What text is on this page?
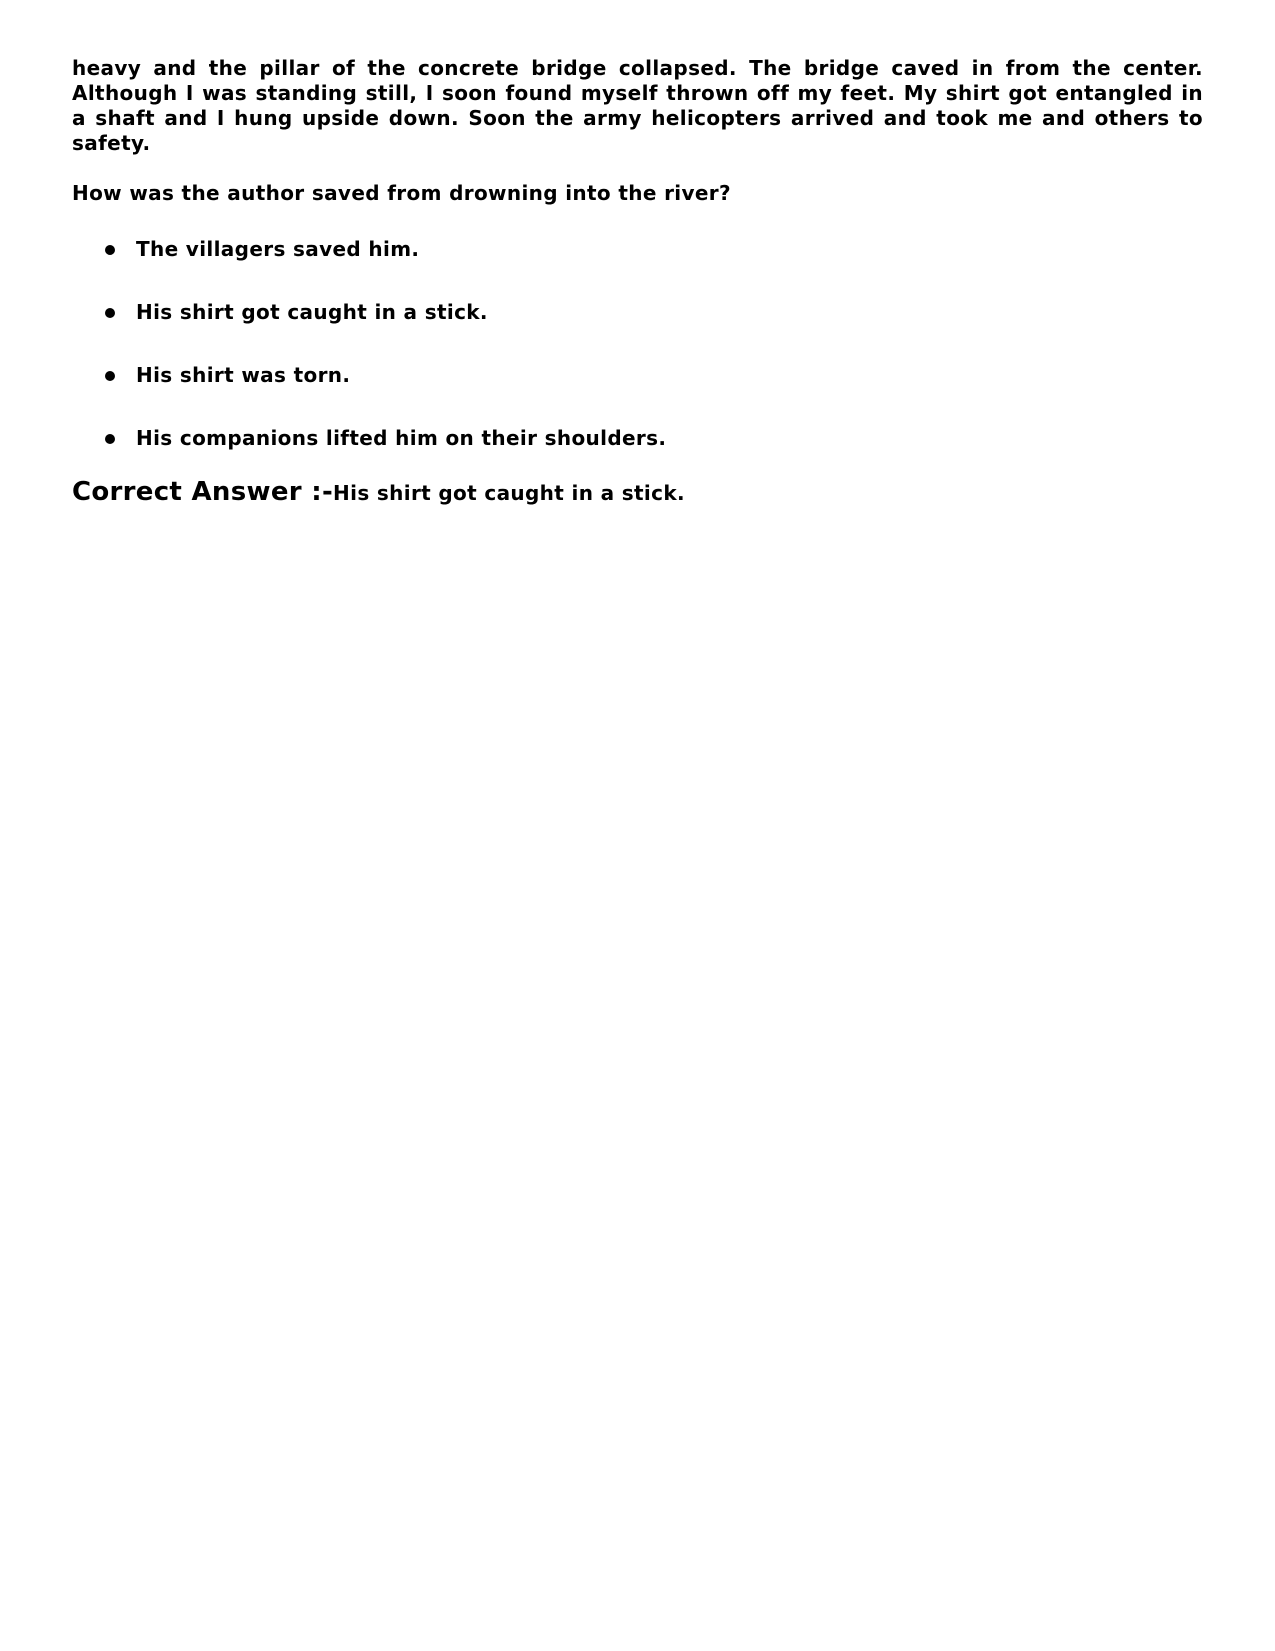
heavy and the pillar of the concrete bridge collapsed. The bridge caved in from the center. Although I was standing still, I soon found myself thrown off my feet. My shirt got entangled in a shaft and I hung upside down. Soon the army helicopters arrived and took me and others to safety.

How was the author saved from drowning into the river?

The villagers saved him.
His shirt got caught in a stick.
His shirt was torn.
His companions lifted him on their shoulders.
Correct Answer :-His shirt got caught in a stick.
